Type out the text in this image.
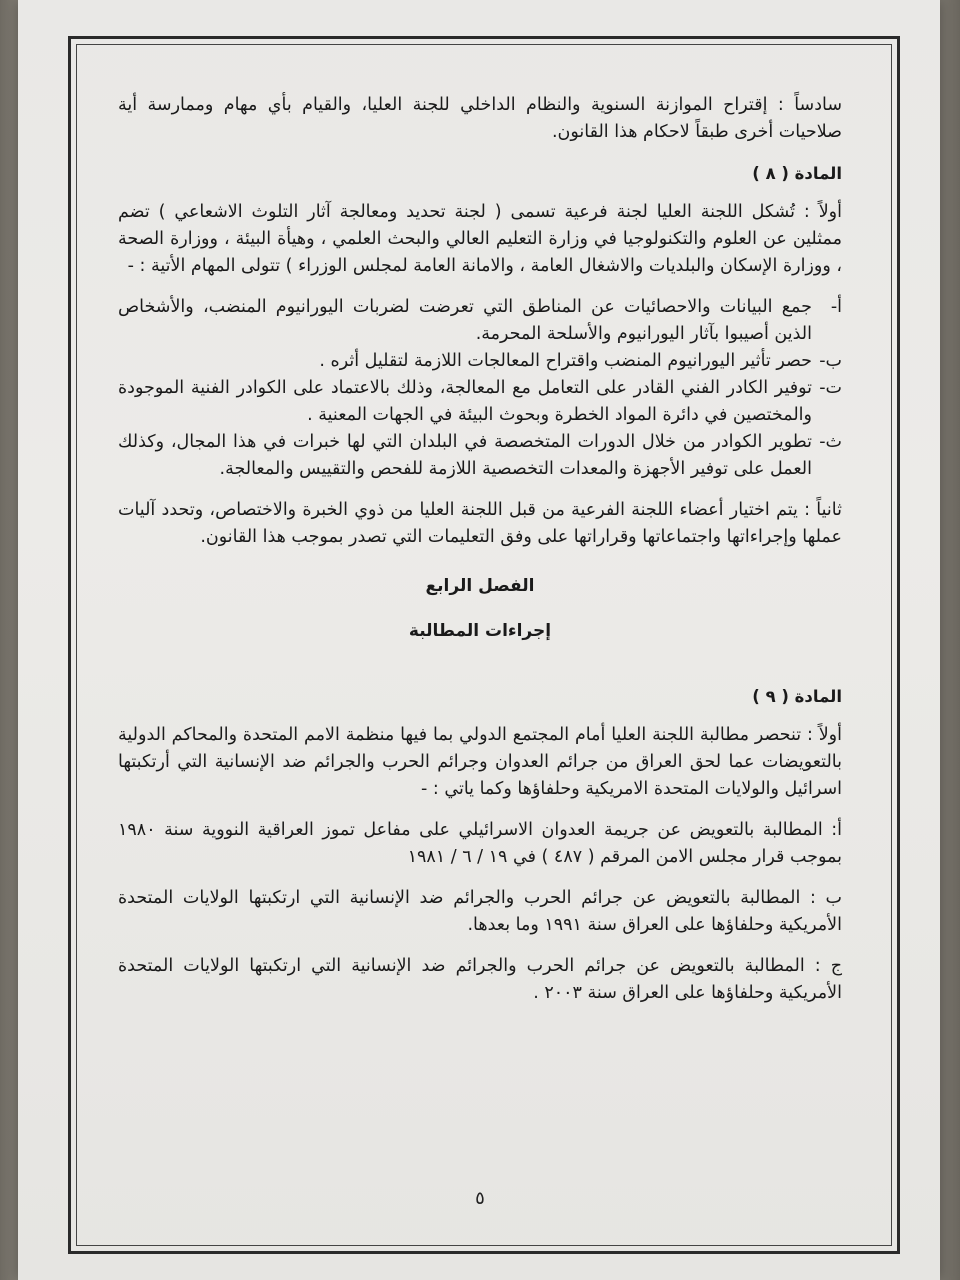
سادساً : إقتراح الموازنة السنوية والنظام الداخلي للجنة العليا، والقيام بأي مهام وممارسة أية صلاحيات أخرى طبقاً لاحكام هذا القانون.

المادة ( ٨ )

أولاً : تُشكل اللجنة العليا لجنة فرعية تسمى ( لجنة تحديد ومعالجة آثار التلوث الاشعاعي ) تضم ممثلين عن العلوم والتكنولوجيا في وزارة التعليم العالي والبحث العلمي ، وهيأة البيئة ، ووزارة الصحة ، ووزارة الإسكان والبلديات والاشغال العامة ، والامانة العامة لمجلس الوزراء ) تتولى المهام الأتية : -

أ-
جمع البيانات والاحصائيات عن المناطق التي تعرضت لضربات اليورانيوم المنضب، والأشخاص الذين أصيبوا بآثار اليورانيوم والأسلحة المحرمة.

ب-
حصر تأثير اليورانيوم المنضب واقتراح المعالجات اللازمة لتقليل أثره .

ت-
توفير الكادر الفني القادر على التعامل مع المعالجة، وذلك بالاعتماد على الكوادر الفنية الموجودة والمختصين في دائرة المواد الخطرة وبحوث البيئة في الجهات المعنية .

ث-
تطوير الكوادر من خلال الدورات المتخصصة في البلدان التي لها خبرات في هذا المجال، وكذلك العمل على توفير الأجهزة والمعدات التخصصية اللازمة للفحص والتقييس والمعالجة.

ثانياً : يتم اختيار أعضاء اللجنة الفرعية من قبل اللجنة العليا من ذوي الخبرة والاختصاص، وتحدد آليات عملها وإجراءاتها واجتماعاتها وقراراتها على وفق التعليمات التي تصدر بموجب هذا القانون.

الفصل الرابع

إجراءات المطالبة

المادة ( ٩ )

أولاً : تنحصر مطالبة اللجنة العليا أمام المجتمع الدولي بما فيها منظمة الامم المتحدة والمحاكم الدولية بالتعويضات عما لحق العراق من جرائم العدوان وجرائم الحرب والجرائم ضد الإنسانية التي أرتكبتها اسرائيل والولايات المتحدة الامريكية وحلفاؤها وكما ياتي : -

أ: المطالبة بالتعويض عن جريمة العدوان الاسرائيلي على مفاعل تموز العراقية النووية سنة ١٩٨٠ بموجب قرار مجلس الامن المرقم ( ٤٨٧ ) في ١٩ / ٦ / ١٩٨١

ب : المطالبة بالتعويض عن جرائم الحرب والجرائم ضد الإنسانية التي ارتكبتها الولايات المتحدة الأمريكية وحلفاؤها على العراق سنة ١٩٩١ وما بعدها.

ج : المطالبة بالتعويض عن جرائم الحرب والجرائم ضد الإنسانية التي ارتكبتها الولايات المتحدة الأمريكية وحلفاؤها على العراق سنة ٢٠٠٣ .

٥
